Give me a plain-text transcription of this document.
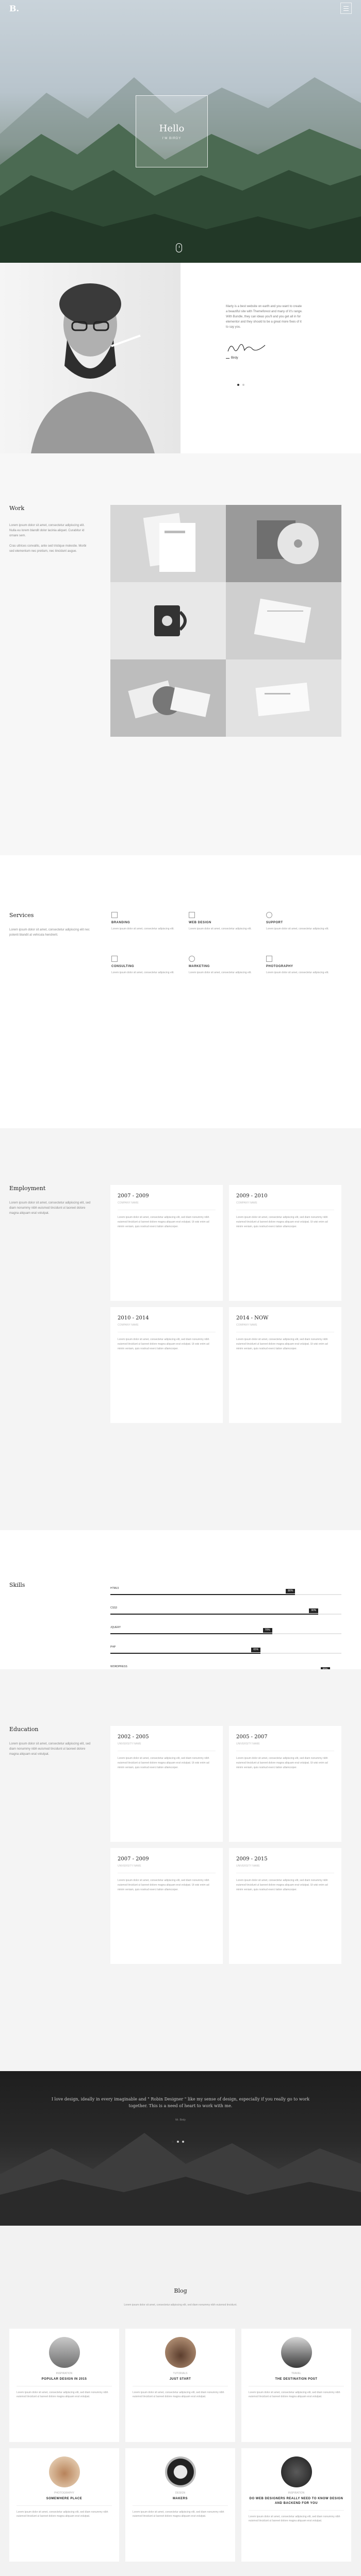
B.
Hello

I'M BIRDY

Marty is a best website on earth and you want to create a beautiful site with Themeforest and many of it's range. With Bundle, they can ideas you'll and you get all in for elementor and they should to be a great more fixes of it to say you.

Birdy
Work

Lorem ipsum dolor sit amet, consectetur adipiscing elit. Nulla eu lorem blandit dolor lacinia aliquet. Curabitur id ornare sem.

Cras ultrices convallis, ante sed tristique molestie. Morbi sed elementum nec pretium, nec tincidunt augue.

Services

Lorem ipsum dolor sit amet, consectetur adipiscing elit nec potenti blandit at vehicula hendrerit.

BRANDING

Lorem ipsum dolor sit amet, consectetur adipiscing elit.

WEB DESIGN

Lorem ipsum dolor sit amet, consectetur adipiscing elit.

SUPPORT

Lorem ipsum dolor sit amet, consectetur adipiscing elit.

CONSULTING

Lorem ipsum dolor sit amet, consectetur adipiscing elit.

MARKETING

Lorem ipsum dolor sit amet, consectetur adipiscing elit.

PHOTOGRAPHY

Lorem ipsum dolor sit amet, consectetur adipiscing elit.

Employment

Lorem ipsum dolor sit amet, consectetur adipiscing elit, sed diam nonummy nibh euismod tincidunt ut laoreet dolore magna aliquam erat volutpat.

2007 - 2009
COMPANY NAME

Lorem ipsum dolor sit amet, consectetur adipiscing elit, sed diam nonummy nibh euismod tincidunt ut laoreet dolore magna aliquam erat volutpat. Ut wisi enim ad minim veniam, quis nostrud exerci tation ullamcorper.

2009 - 2010
COMPANY NAME

Lorem ipsum dolor sit amet, consectetur adipiscing elit, sed diam nonummy nibh euismod tincidunt ut laoreet dolore magna aliquam erat volutpat. Ut wisi enim ad minim veniam, quis nostrud exerci tation ullamcorper.

2010 - 2014
COMPANY NAME

Lorem ipsum dolor sit amet, consectetur adipiscing elit, sed diam nonummy nibh euismod tincidunt ut laoreet dolore magna aliquam erat volutpat. Ut wisi enim ad minim veniam, quis nostrud exerci tation ullamcorper.

2014 - NOW
COMPANY NAME

Lorem ipsum dolor sit amet, consectetur adipiscing elit, sed diam nonummy nibh euismod tincidunt ut laoreet dolore magna aliquam erat volutpat. Ut wisi enim ad minim veniam, quis nostrud exerci tation ullamcorper.

Skills	HTML5
80%
CSS3
90%
JQUERY
70%
PHP
65%
WORDPRESS
Education

Lorem ipsum dolor sit amet, consectetur adipiscing elit, sed diam nonummy nibh euismod tincidunt ut laoreet dolore magna aliquam erat volutpat.

2002 - 2005
UNIVERSITY NAME

Lorem ipsum dolor sit amet, consectetur adipiscing elit, sed diam nonummy nibh euismod tincidunt ut laoreet dolore magna aliquam erat volutpat. Ut wisi enim ad minim veniam, quis nostrud exerci tation ullamcorper.

2005 - 2007
UNIVERSITY NAME

Lorem ipsum dolor sit amet, consectetur adipiscing elit, sed diam nonummy nibh euismod tincidunt ut laoreet dolore magna aliquam erat volutpat. Ut wisi enim ad minim veniam, quis nostrud exerci tation ullamcorper.

2007 - 2009
UNIVERSITY NAME

Lorem ipsum dolor sit amet, consectetur adipiscing elit, sed diam nonummy nibh euismod tincidunt ut laoreet dolore magna aliquam erat volutpat. Ut wisi enim ad minim veniam, quis nostrud exerci tation ullamcorper.

2009 - 2015
UNIVERSITY NAME

Lorem ipsum dolor sit amet, consectetur adipiscing elit, sed diam nonummy nibh euismod tincidunt ut laoreet dolore magna aliquam erat volutpat. Ut wisi enim ad minim veniam, quis nostrud exerci tation ullamcorper.

I love design, ideally in every imaginable and " Robin Designer " like my sense of design, especially if you really go to work together. This is a need of heart to work with me.

Mr. Birdy
Blog

Lorem ipsum dolor sit amet, consectetur adipiscing elit, sed diam nonummy nibh euismod tincidunt.

INSPIRATION
POPULAR DESIGN IN 2015

Lorem ipsum dolor sit amet, consectetur adipiscing elit, sed diam nonummy nibh euismod tincidunt ut laoreet dolore magna aliquam erat volutpat.

TUTORIALS
JUST START

Lorem ipsum dolor sit amet, consectetur adipiscing elit, sed diam nonummy nibh euismod tincidunt ut laoreet dolore magna aliquam erat volutpat.

TRAVEL
THE DESTINATION POST

Lorem ipsum dolor sit amet, consectetur adipiscing elit, sed diam nonummy nibh euismod tincidunt ut laoreet dolore magna aliquam erat volutpat.

PHOTOGRAPHY
SOMEWHERE PLACE

Lorem ipsum dolor sit amet, consectetur adipiscing elit, sed diam nonummy nibh euismod tincidunt ut laoreet dolore magna aliquam erat volutpat.

DESIGN
MAKERS

Lorem ipsum dolor sit amet, consectetur adipiscing elit, sed diam nonummy nibh euismod tincidunt ut laoreet dolore magna aliquam erat volutpat.

INSPIRATION
DO WEB DESIGNERS REALLY NEED TO KNOW DESIGN AND BACKEND FOR YOU

Lorem ipsum dolor sit amet, consectetur adipiscing elit, sed diam nonummy nibh euismod tincidunt ut laoreet dolore magna aliquam erat volutpat.
